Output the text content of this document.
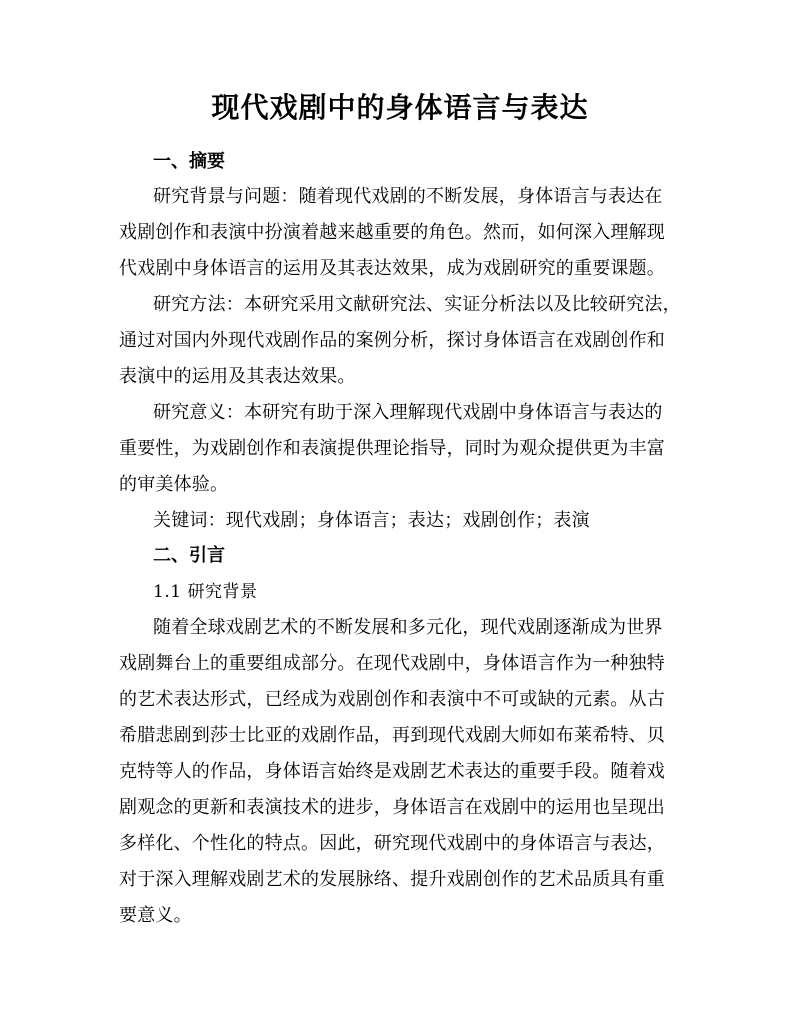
现代戏剧中的身体语言与表达
一、摘要
研究背景与问题：随着现代戏剧的不断发展，身体语言与表达在
戏剧创作和表演中扮演着越来越重要的角色。然而，如何深入理解现
代戏剧中身体语言的运用及其表达效果，成为戏剧研究的重要课题。
研究方法：本研究采用文献研究法、实证分析法以及比较研究法，
通过对国内外现代戏剧作品的案例分析，探讨身体语言在戏剧创作和
表演中的运用及其表达效果。
研究意义：本研究有助于深入理解现代戏剧中身体语言与表达的
重要性，为戏剧创作和表演提供理论指导，同时为观众提供更为丰富
的审美体验。
关键词：现代戏剧；身体语言；表达；戏剧创作；表演
二、引言
1.1 研究背景
随着全球戏剧艺术的不断发展和多元化，现代戏剧逐渐成为世界
戏剧舞台上的重要组成部分。在现代戏剧中，身体语言作为一种独特
的艺术表达形式，已经成为戏剧创作和表演中不可或缺的元素。从古
希腊悲剧到莎士比亚的戏剧作品，再到现代戏剧大师如布莱希特、贝
克特等人的作品，身体语言始终是戏剧艺术表达的重要手段。随着戏
剧观念的更新和表演技术的进步，身体语言在戏剧中的运用也呈现出
多样化、个性化的特点。因此，研究现代戏剧中的身体语言与表达，
对于深入理解戏剧艺术的发展脉络、提升戏剧创作的艺术品质具有重
要意义。
